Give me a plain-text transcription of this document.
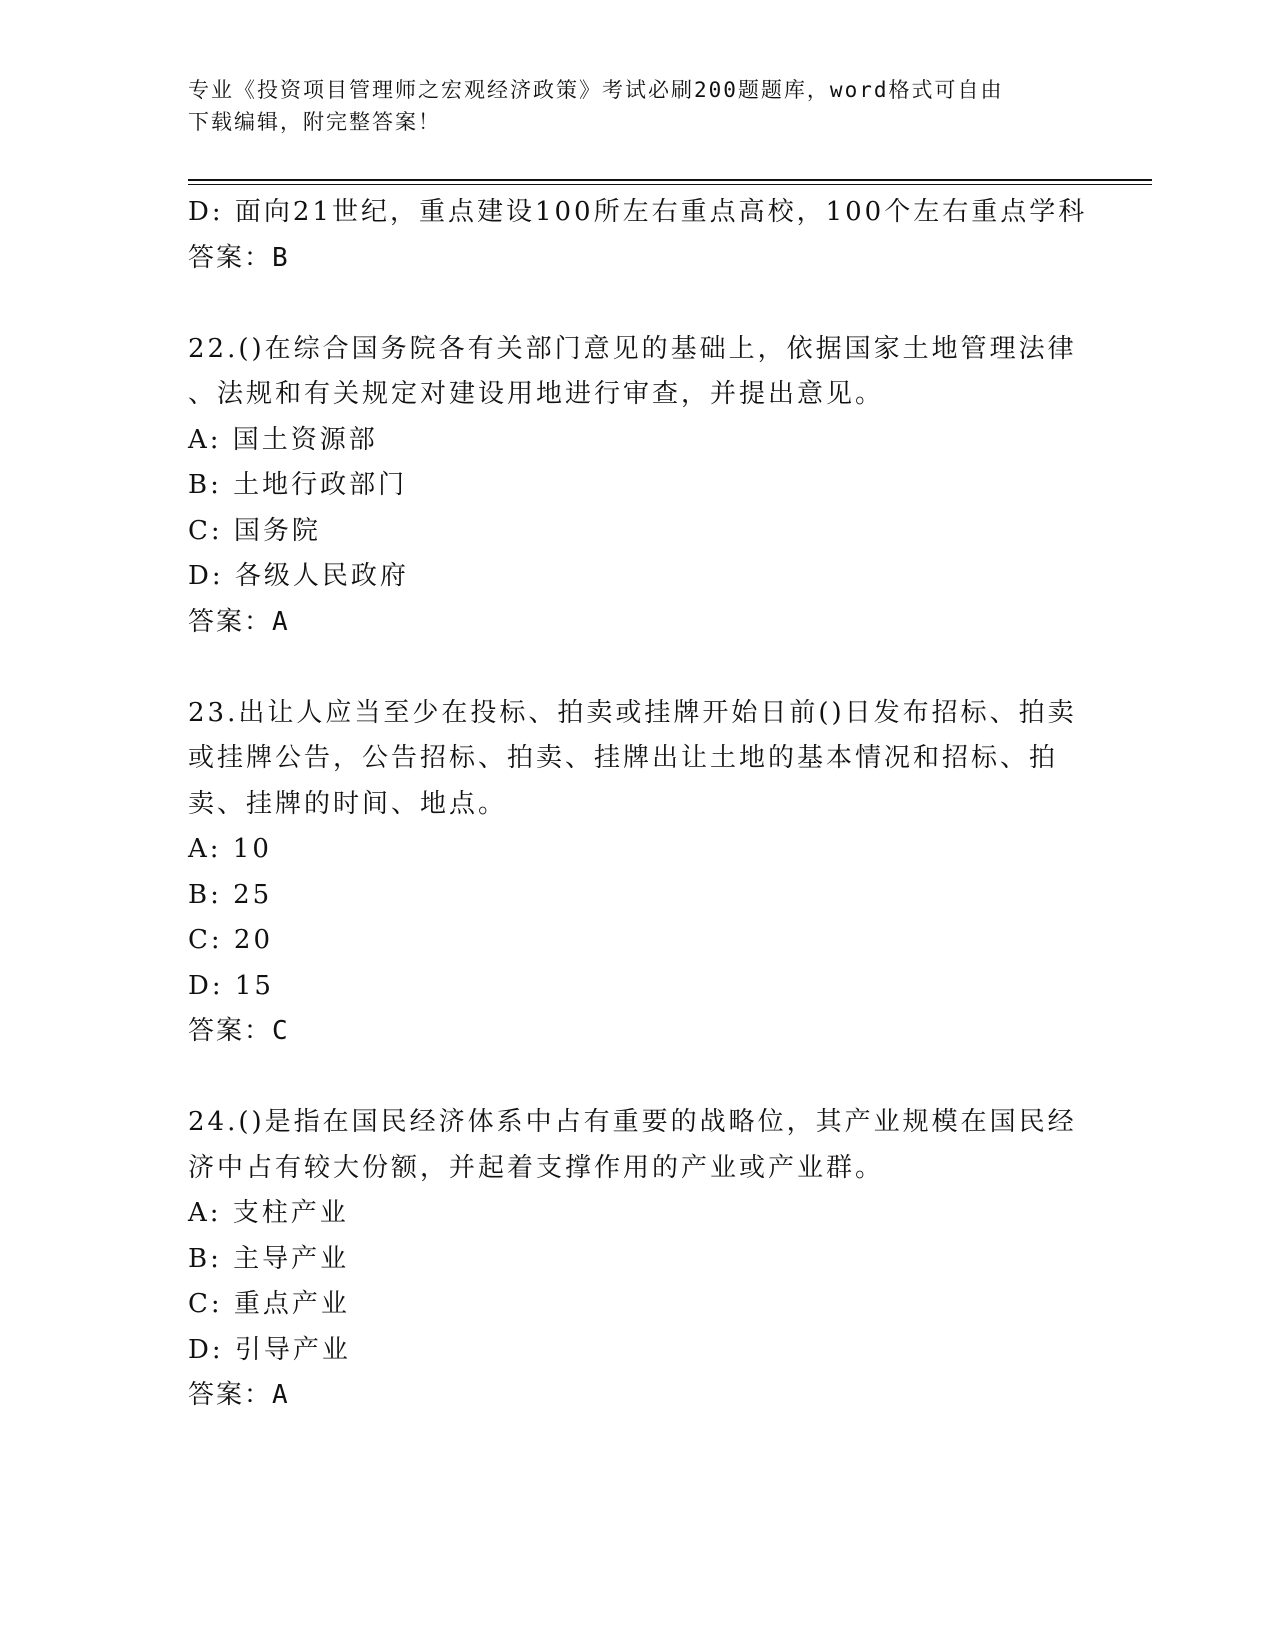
专业《投资项目管理师之宏观经济政策》考试必刷200题题库，word格式可自由
下载编辑，附完整答案！
D: 面向21世纪，重点建设100所左右重点高校，100个左右重点学科
答案：B
22.()在综合国务院各有关部门意见的基础上，依据国家土地管理法律
、法规和有关规定对建设用地进行审查，并提出意见。
A: 国土资源部
B: 土地行政部门
C: 国务院
D: 各级人民政府
答案：A
23.出让人应当至少在投标、拍卖或挂牌开始日前()日发布招标、拍卖
或挂牌公告，公告招标、拍卖、挂牌出让土地的基本情况和招标、拍
卖、挂牌的时间、地点。
A: 10
B: 25
C: 20
D: 15
答案：C
24.()是指在国民经济体系中占有重要的战略位，其产业规模在国民经
济中占有较大份额，并起着支撑作用的产业或产业群。
A: 支柱产业
B: 主导产业
C: 重点产业
D: 引导产业
答案：A
